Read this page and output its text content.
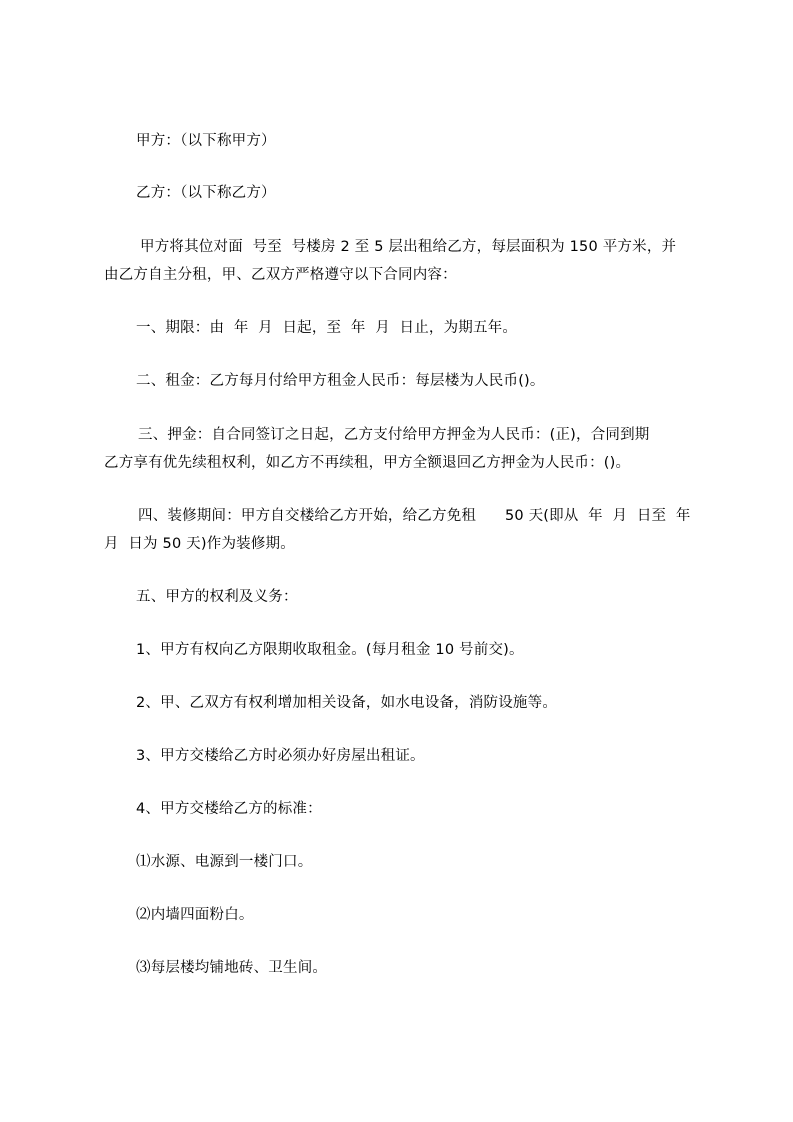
甲方：（以下称甲方）
乙方：（以下称乙方）
甲方将其位对面  号至  号楼房 2 至 5 层出租给乙方，每层面积为 150 平方米，并
由乙方自主分租，甲、乙双方严格遵守以下合同内容：
一、期限：由  年  月  日起，至  年  月  日止，为期五年。
二、租金：乙方每月付给甲方租金人民币：每层楼为人民币()。
三、押金：自合同签订之日起，乙方支付给甲方押金为人民币：(正)，合同到期
乙方享有优先续租权利，如乙方不再续租，甲方全额退回乙方押金为人民币：()。
四、装修期间：甲方自交楼给乙方开始，给乙方免租      50 天(即从  年  月  日至  年
月  日为 50 天)作为装修期。
五、甲方的权利及义务：
1、甲方有权向乙方限期收取租金。(每月租金 10 号前交)。
2、甲、乙双方有权利增加相关设备，如水电设备，消防设施等。
3、甲方交楼给乙方时必须办好房屋出租证。
4、甲方交楼给乙方的标准：
⑴水源、电源到一楼门口。
⑵内墙四面粉白。
⑶每层楼均铺地砖、卫生间。
